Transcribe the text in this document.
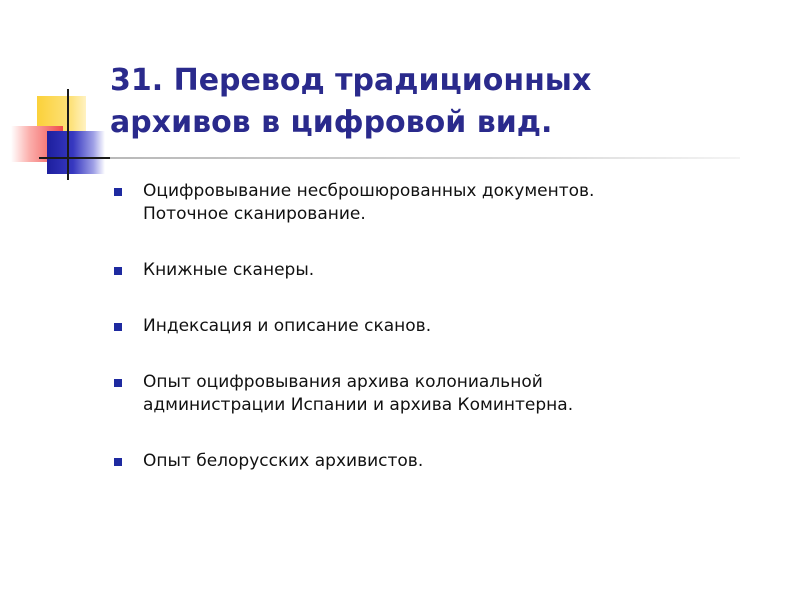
31. Перевод традиционных
архивов в цифровой вид.
Оцифровывание несброшюрованных документов.
Поточное сканирование.
Книжные сканеры.
Индексация и описание сканов.
Опыт оцифровывания архива колониальной
администрации Испании и архива Коминтерна.
Опыт белорусских архивистов.
